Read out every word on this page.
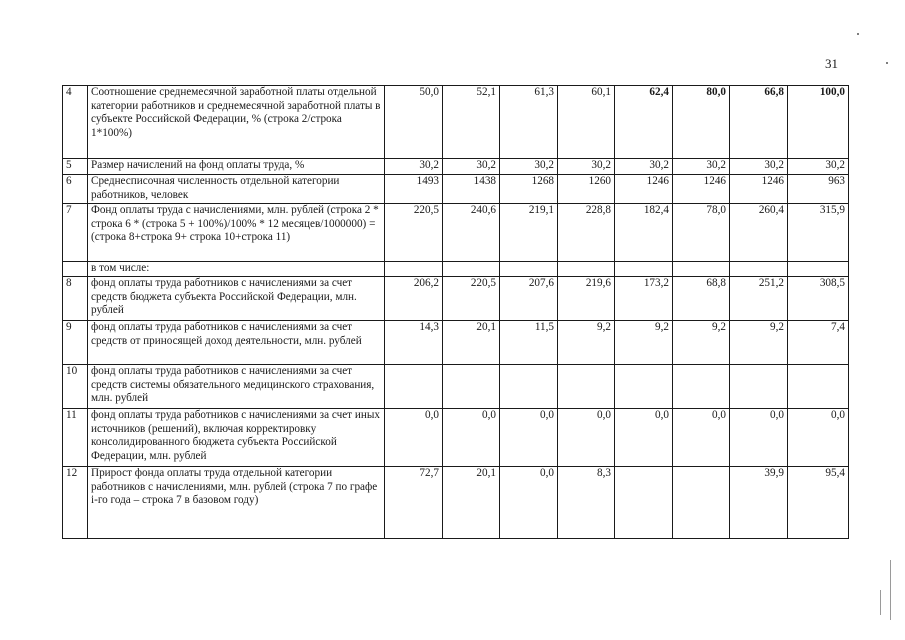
31
4	Соотношение среднемесячной заработной платы отдельной категории работников и среднемесячной заработной платы в субъекте Российской Федерации, % (строка 2/строка 1*100%)	50,0	52,1	61,3	60,1	62,4	80,0	66,8	100,0
5	Размер начислений на фонд оплаты труда, %	30,2	30,2	30,2	30,2	30,2	30,2	30,2	30,2
6	Среднесписочная численность отдельной категории работников, человек	1493	1438	1268	1260	1246	1246	1246	963
7	Фонд оплаты труда с начислениями, млн. рублей (строка 2 * строка 6 * (строка 5 + 100%)/100% * 12 месяцев/1000000) = (строка 8+строка 9+ строка 10+строка 11)	220,5	240,6	219,1	228,8	182,4	78,0	260,4	315,9
	в том числе:								
8	фонд оплаты труда работников с начислениями за счет средств бюджета субъекта Российской Федерации, млн. рублей	206,2	220,5	207,6	219,6	173,2	68,8	251,2	308,5
9	фонд оплаты труда работников с начислениями за счет средств от приносящей доход деятельности, млн. рублей	14,3	20,1	11,5	9,2	9,2	9,2	9,2	7,4
10	фонд оплаты труда работников с начислениями за счет средств системы обязательного медицинского страхования, млн. рублей								
11	фонд оплаты труда работников с начислениями за счет иных источников (решений), включая корректировку консолидированного бюджета субъекта Российской Федерации, млн. рублей	0,0	0,0	0,0	0,0	0,0	0,0	0,0	0,0
12	Прирост фонда оплаты труда отдельной категории работников с начислениями, млн. рублей (строка 7 по графе i-го года – строка 7 в базовом году)	72,7	20,1	0,0	8,3			39,9	95,4
